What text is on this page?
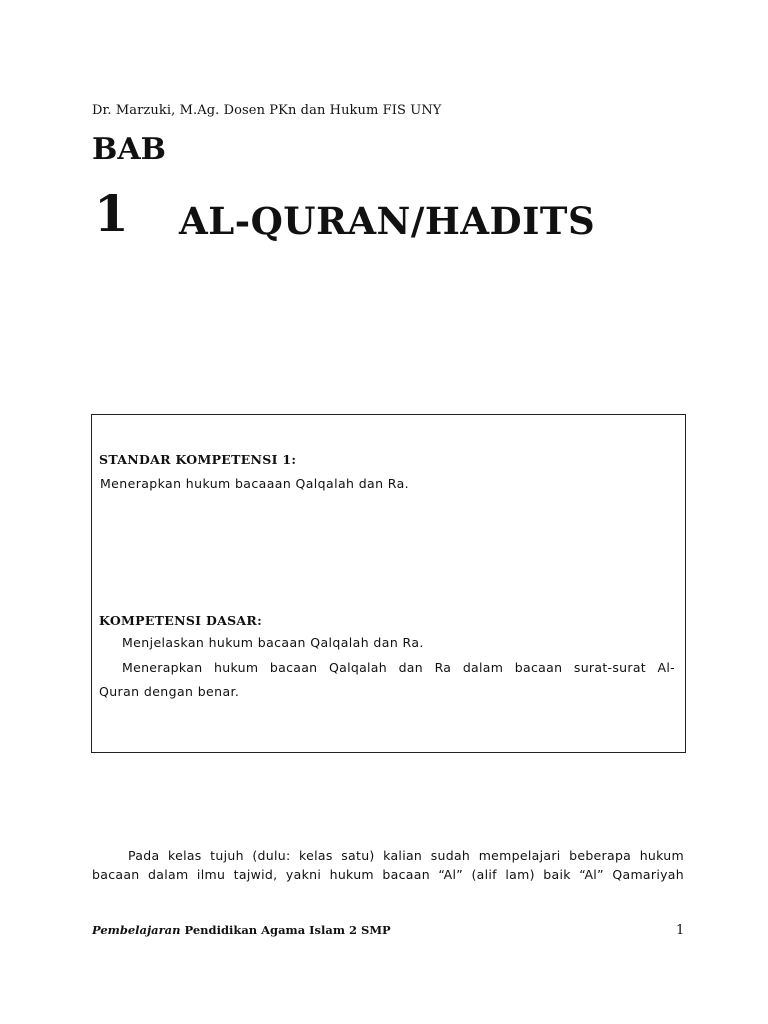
Dr. Marzuki, M.Ag. Dosen PKn dan Hukum FIS UNY
BAB
1 AL-QURAN/HADITS
STANDAR KOMPETENSI 1:
Menerapkan hukum bacaaan Qalqalah dan Ra.
KOMPETENSI DASAR:
Menjelaskan hukum bacaan Qalqalah dan Ra.
Menerapkan hukum bacaan Qalqalah dan Ra dalam bacaan surat-surat Al-
Quran dengan benar.
Pada kelas tujuh (dulu: kelas satu) kalian sudah mempelajari beberapa hukum
bacaan dalam ilmu tajwid, yakni hukum bacaan “Al” (alif lam) baik “Al” Qamariyah
Pembelajaran Pendidikan Agama Islam 2 SMP	1
